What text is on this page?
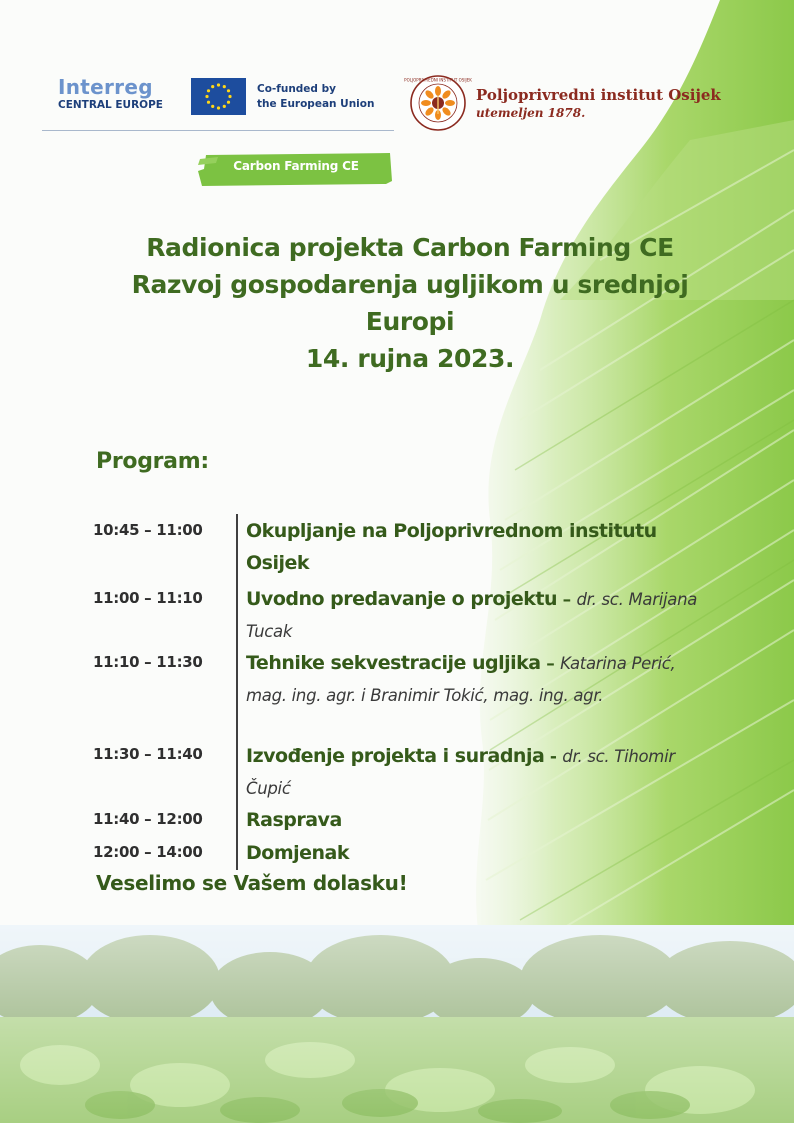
Interreg
CENTRAL EUROPE
Co-funded by
the European Union
POLJOPRIVREDNI INSTITUT OSIJEK
Poljoprivredni institut Osijek
utemeljen 1878.
Carbon Farming CE
Radionica projekta Carbon Farming CE
Razvoj gospodarenja ugljikom u srednjoj
Europi
14. rujna 2023.
Program:
10:45 – 11:00 Okupljanje na Poljoprivrednom institutu Osijek
11:00 – 11:10 Uvodno predavanje o projektu – dr. sc. Marijana Tucak
11:10 – 11:30 Tehnike sekvestracije ugljika – Katarina Perić, mag. ing. agr. i Branimir Tokić, mag. ing. agr.
11:30 – 11:40 Izvođenje projekta i suradnja - dr. sc. Tihomir Čupić
11:40 – 12:00 Rasprava
12:00 – 14:00 Domjenak
Veselimo se Vašem dolasku!
